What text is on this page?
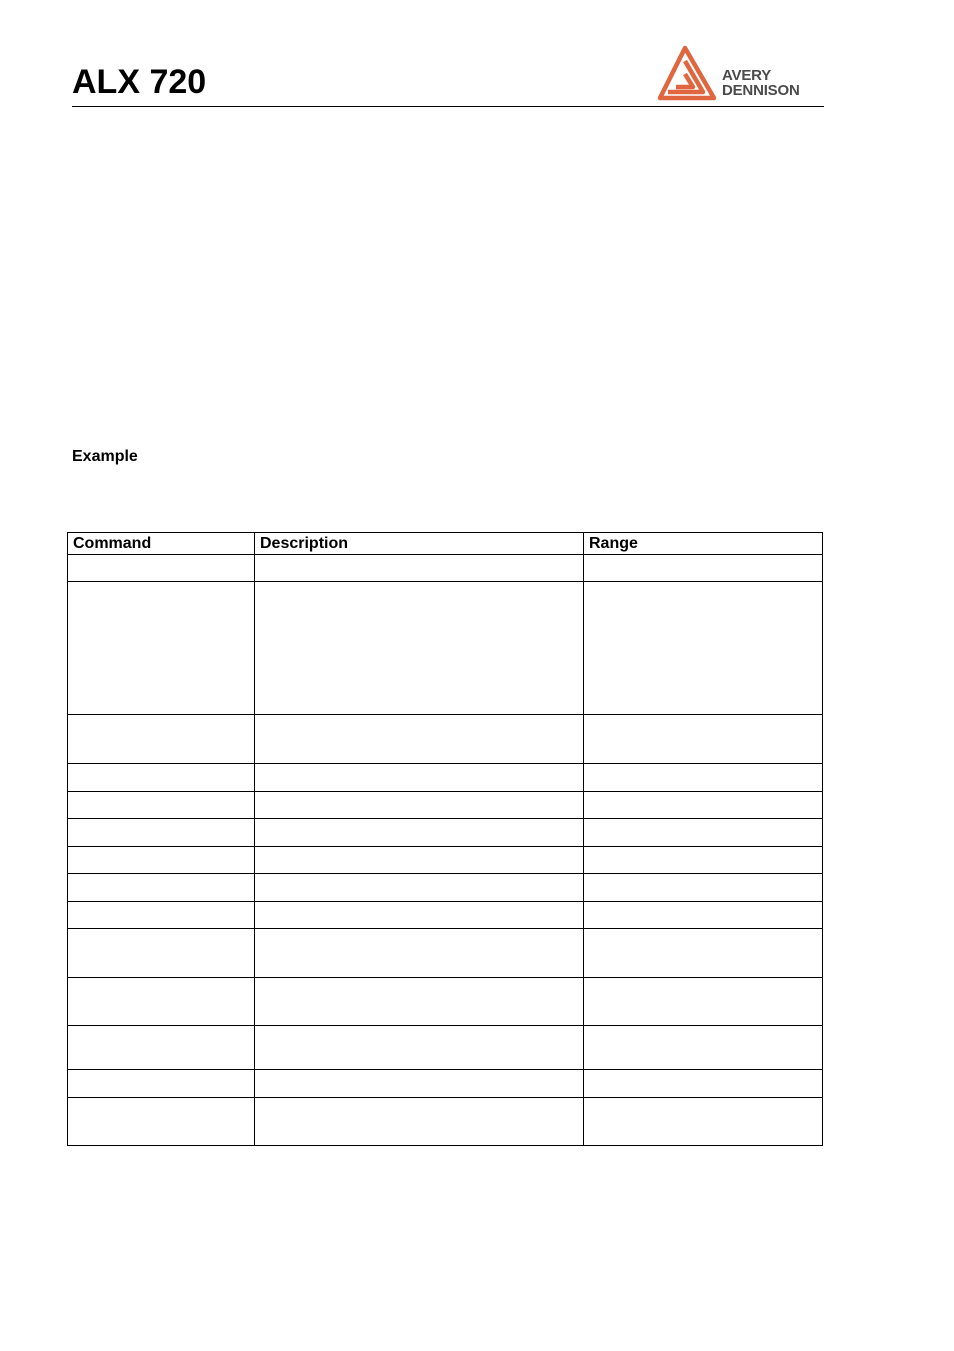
ALX 720	AVERY
DENNISON
Example
Command	Description	Range
